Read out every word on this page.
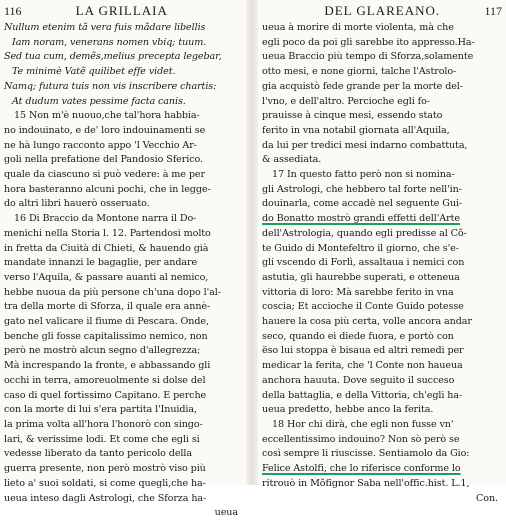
116	LA GRILLAIA
Nullum etenim tã vera fuis mãdare libellis
Iam noram, venerans nomen vbiq; tuum.
Sed tua cum, demẽs,melius precepta legebar,
Te minimè Vatẽ quilibet effe videt.
Namq; futura tuis non vis inscribere chartis:
At dudum vates pessime facta canis.
15 Non m'è nuouo,che tal'hora habbia-
no indouinato, e de' loro indouinamenti se
ne hà lungo racconto appo 'l Vecchio Ar-
goli nella prefatione del Pandosio Sferico.
quale da ciascuno si può vedere: à me per
hora basteranno alcuni pochi, che in legge-
do altri libri hauerò osseruato.
16 Di Braccio da Montone narra il Do-
menichi nella Storia l. 12. Partendosi molto
in fretta da Ciuità di Chieti, & hauendo già
mandate innanzi le bagaglie, per andare
verso l'Aquila, & passare auanti al nemico,
hebbe nuoua da più persone ch'una dopo l'al-
tra della morte di Sforza, il quale era annè-
gato nel valicare il fiume di Pescara. Onde,
benche gli fosse capitalissimo nemico, non
però ne mostrò alcun segno d'allegrezza;
Mà increspando la fronte, e abbassando gli
occhi in terra, amoreuolmente si dolse del
caso di quel fortissimo Capitano. E perche
con la morte di lui s'era partita l'Inuidia,
la prima volta all'hora l'honorò con singo-
lari, & verissime lodi. Et come che egli si
vedesse liberato da tanto pericolo della
guerra presente, non però mostrò viso più
lieto a' suoi soldati, si come quegli,che ha-
ueua inteso dagli Astrologi, che Sforza ha-
ueua
DEL GLAREANO.	117
ueua à morire di morte violenta, mà che
egli poco da poi gli sarebbe ito appresso.Ha-
ueua Braccio più tempo di Sforza,solamente
otto mesi, e none giorni, talche l'Astrolo-
gia acquistò fede grande per la morte del-
l'vno, e dell'altro. Percioche egli fo-
prauisse à cinque mesi, essendo stato
ferito in vna notabil giornata all'Aquila,
da lui per tredici mesi indarno combattuta,
& assediata.
17 In questo fatto però non si nomina-
gli Astrologi, che hebbero tal forte nell'in-
douinarla, come accadè nel seguente Gui-
do Bonatto mostrò grandi effetti dell'Arte
dell'Astrologia, quando egli predisse al Cõ-
te Guido di Montefeltro il giorno, che s'e-
gli vscendo di Forlì, assaltaua i nemici con
astutia, gli haurebbe superati, e otteneua
vittoria di loro: Mà sarebbe ferito in vna
coscia; Et accioche il Conte Guido potesse
hauere la cosa più certa, volle ancora andar
seco, quando ei diede fuora, e portò con
ëso lui stoppa è bisaua ed altri remedi per
medicar la ferita, che 'l Conte non haueua
anchora hauuta. Dove seguito il succeso
della battaglia, e della Vittoria, ch'egli ha-
ueua predetto, hebbe anco la ferita.
18 Hor chi dirà, che egli non fusse vn'
eccellentissimo indouino? Non sò però se
così sempre li riuscisse. Sentiamolo da Gio:
Felice Astolfi, che lo riferisce conforme lo
ritrouò in Mõfignor Saba nell'offic.hist. L.1,
Con.
